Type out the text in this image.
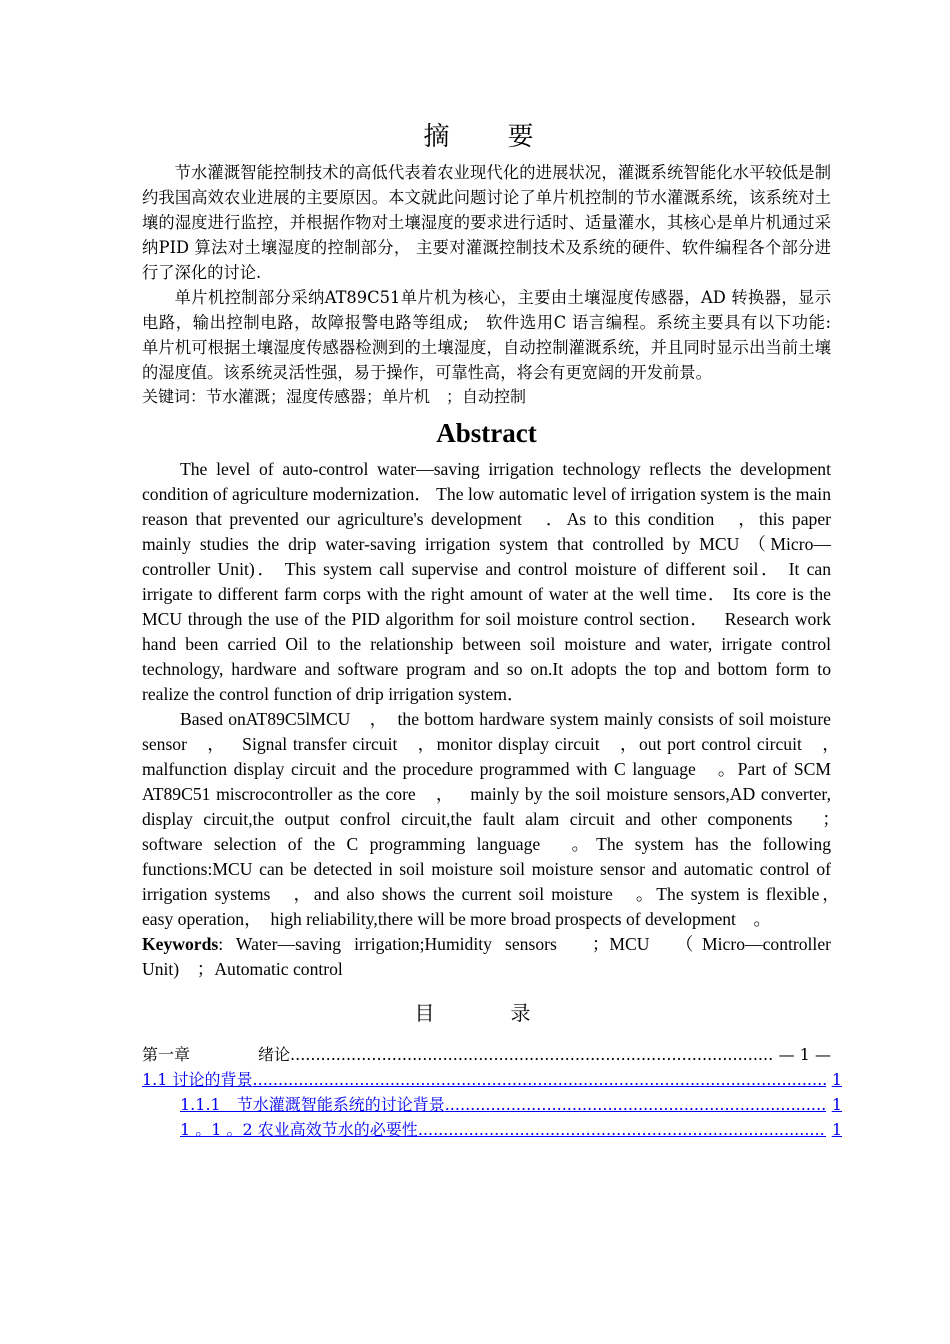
摘　要

节水灌溉智能控制技术的高低代表着农业现代化的进展状况，灌溉系统智能化水平较低是制约我国高效农业进展的主要原因。本文就此问题讨论了单片机控制的节水灌溉系统，该系统对土壤的湿度进行监控，并根据作物对土壤湿度的要求进行适时、适量灌水，其核心是单片机通过采纳PID 算法对土壤湿度的控制部分， 主要对灌溉控制技术及系统的硬件、软件编程各个部分进行了深化的讨论.

单片机控制部分采纳AT89C51单片机为核心，主要由土壤湿度传感器，AD 转换器，显示电路，输出控制电路，故障报警电路等组成;　软件选用C 语言编程。系统主要具有以下功能:　单片机可根据土壤湿度传感器检测到的土壤湿度，自动控制灌溉系统，并且同时显示出当前土壤的湿度值。该系统灵活性强，易于操作，可靠性高，将会有更宽阔的开发前景。

关键词：节水灌溉；湿度传感器；单片机　；自动控制

Abstract

The level of auto-control water—saving irrigation technology reflects the development condition of agriculture modernization． The low automatic level of irrigation system is the main reason that prevented our agriculture's development　．As to this condition　，this paper mainly studies the drip water-saving irrigation system that controlled by MCU （Micro—controller Unit)． This system call supervise and control moisture of different soil． It can irrigate to different farm corps with the right amount of water at the well time． Its core is the MCU through the use of the PID algorithm for soil moisture control section．　 Research work hand been carried Oil to the relationship between soil moisture and water, irrigate control technology, hardware and software program and so on.It adopts the top and bottom form to realize the control function of drip irrigation system．

Based onAT89C5lMCU　，　the bottom hardware system mainly consists of soil moisture sensor　，　 Signal transfer circuit　，monitor display circuit　，out port control circuit　，　malfunction display circuit and the procedure programmed with C language　。Part of SCM AT89C51 miscrocontroller as the core　，　 mainly by the soil moisture sensors,AD converter, display circuit,the output confrol circuit,the fault alam circuit and other components　；　software selection of the C programming language　。The system has the following functions:MCU can be detected in soil moisture soil moisture sensor and automatic control of irrigation systems　，and also shows the current soil moisture　。The system is flexible，　easy operation，　high reliability,there will be more broad prospects of development　。

Keywords: Water—saving irrigation;Humidity sensors　；MCU　（Micro—controller Unit)　；Automatic control

目　录
第一章	绪论 .....	— 1 —
1.1 讨论的背景 .....	1
1.1.1　节水灌溉智能系统的讨论背景 .....	1
1 。1 。2 农业高效节水的必要性 .....	1
